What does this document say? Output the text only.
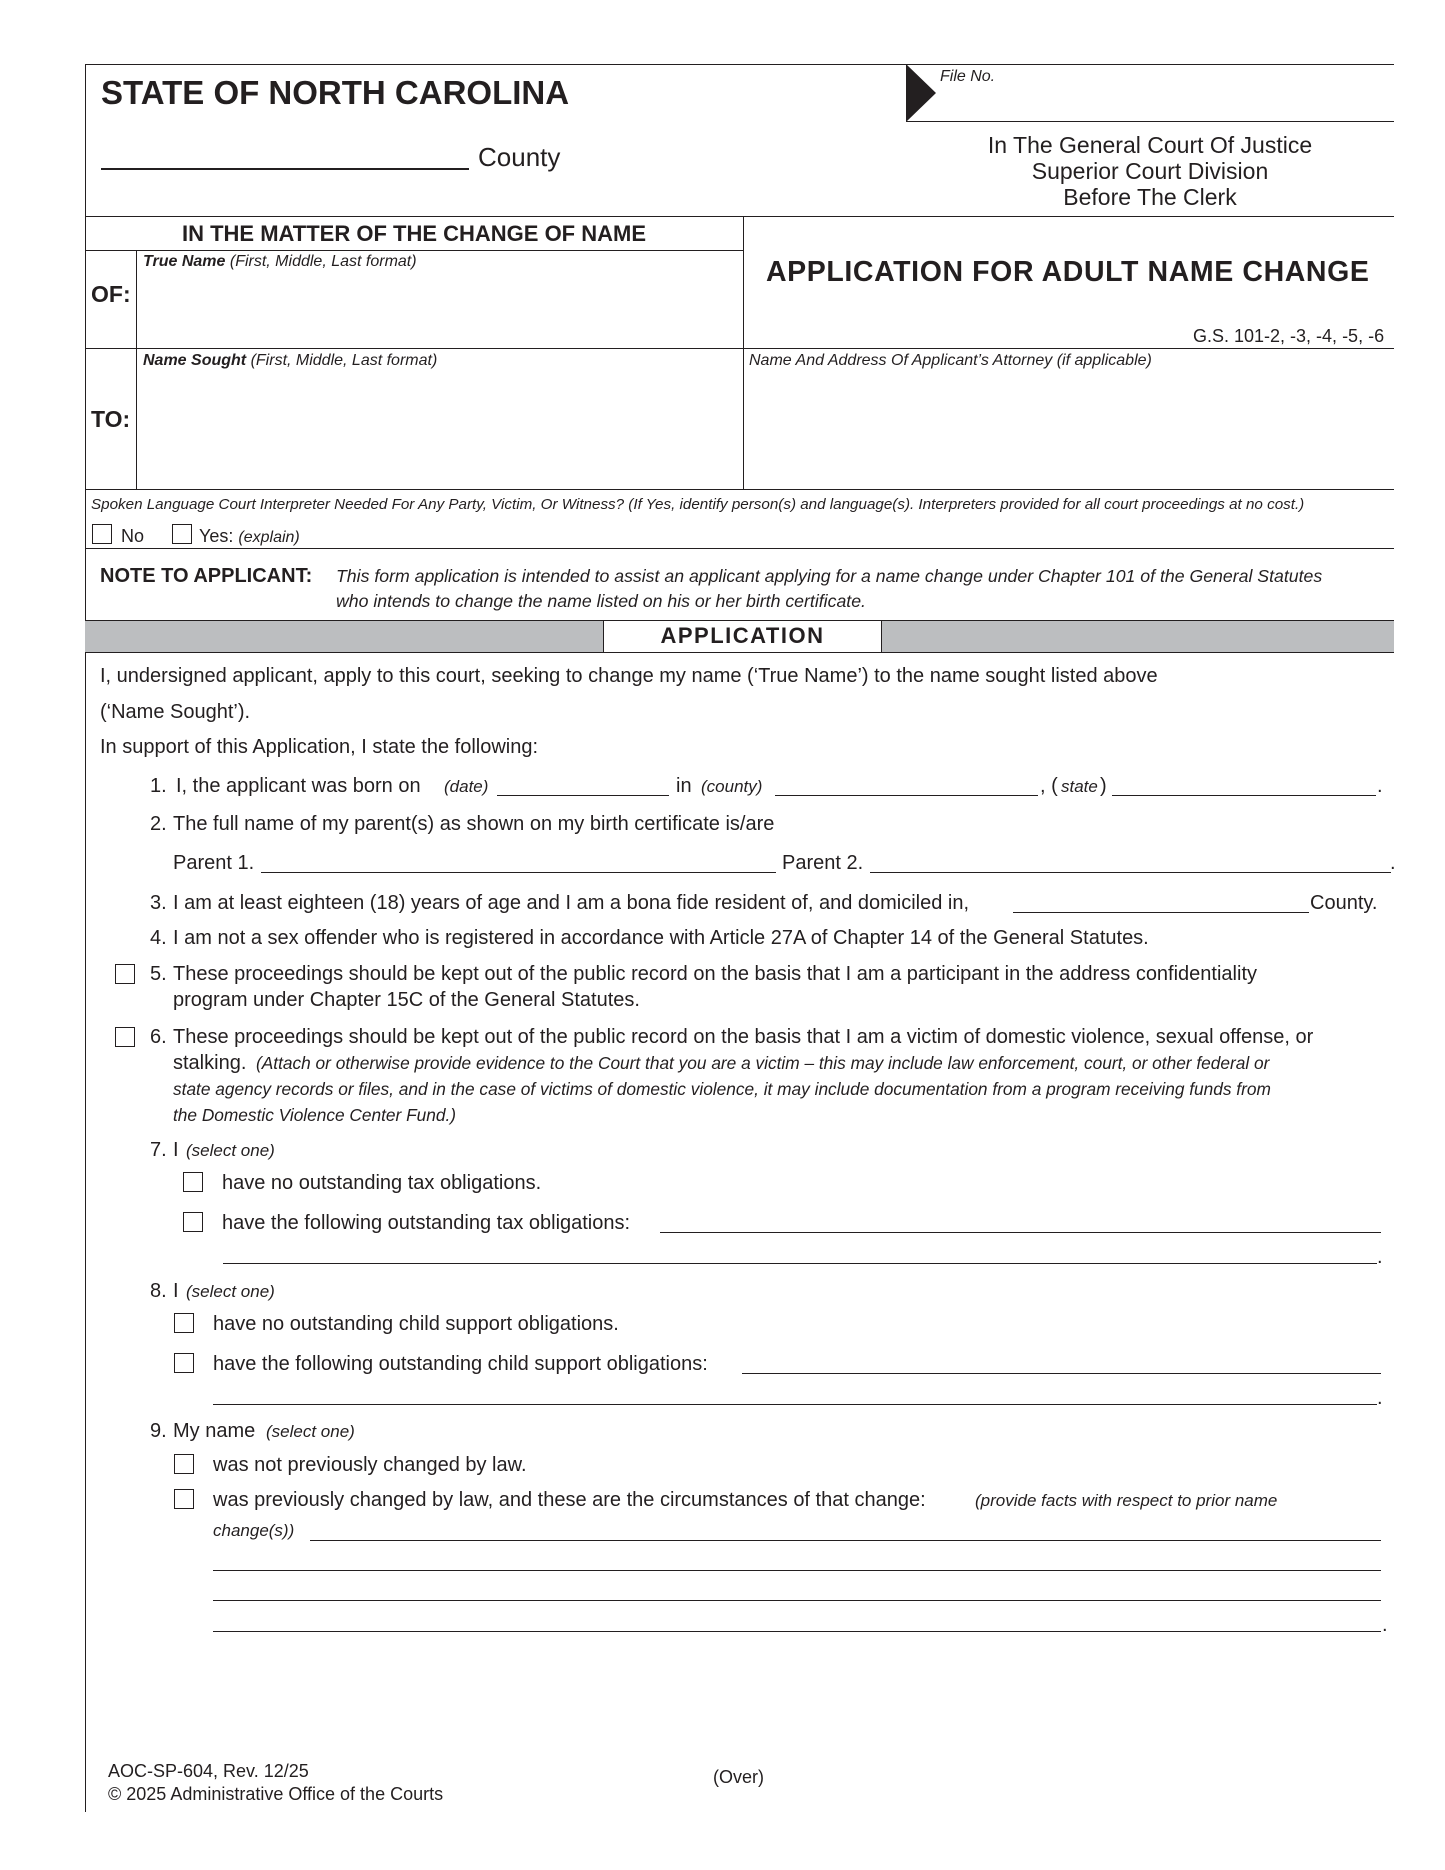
STATE OF NORTH CAROLINA
County
File No.
In The General Court Of Justice
Superior Court Division
Before The Clerk
IN THE MATTER OF THE CHANGE OF NAME
OF:
True Name (First, Middle, Last format)
TO:
Name Sought (First, Middle, Last format)
APPLICATION FOR ADULT NAME CHANGE
G.S. 101-2, -3, -4, -5, -6
Name And Address Of Applicant’s Attorney (if applicable)
Spoken Language Court Interpreter Needed For Any Party, Victim, Or Witness? (If Yes, identify person(s) and language(s). Interpreters provided for all court proceedings at no cost.)
No	Yes: (explain)
NOTE TO APPLICANT: This form application is intended to assist an applicant applying for a name change under Chapter 101 of the General Statutes
who intends to change the name listed on his or her birth certificate.
APPLICATION
I, undersigned applicant, apply to this court, seeking to change my name (‘True Name’) to the name sought listed above
(‘Name Sought’).
In support of this Application, I state the following:
1. I, the applicant was born on (date)	in (county)	, ( state )	.
2. The full name of my parent(s) as shown on my birth certificate is/are
Parent 1.	Parent 2.	.
3. I am at least eighteen (18) years of age and I am a bona fide resident of, and domiciled in,	County.
4. I am not a sex offender who is registered in accordance with Article 27A of Chapter 14 of the General Statutes.
5. These proceedings should be kept out of the public record on the basis that I am a participant in the address confidentiality
program under Chapter 15C of the General Statutes.
6. These proceedings should be kept out of the public record on the basis that I am a victim of domestic violence, sexual offense, or
stalking. (Attach or otherwise provide evidence to the Court that you are a victim – this may include law enforcement, court, or other federal or
state agency records or files, and in the case of victims of domestic violence, it may include documentation from a program receiving funds from
the Domestic Violence Center Fund.)
7. I (select one)
have no outstanding tax obligations.
have the following outstanding tax obligations:
.
8. I (select one)
have no outstanding child support obligations.
have the following outstanding child support obligations:
.
9. My name (select one)
was not previously changed by law.
was previously changed by law, and these are the circumstances of that change:	(provide facts with respect to prior name
change(s))
.
AOC-SP-604, Rev. 12/25
© 2025 Administrative Office of the Courts
(Over)
